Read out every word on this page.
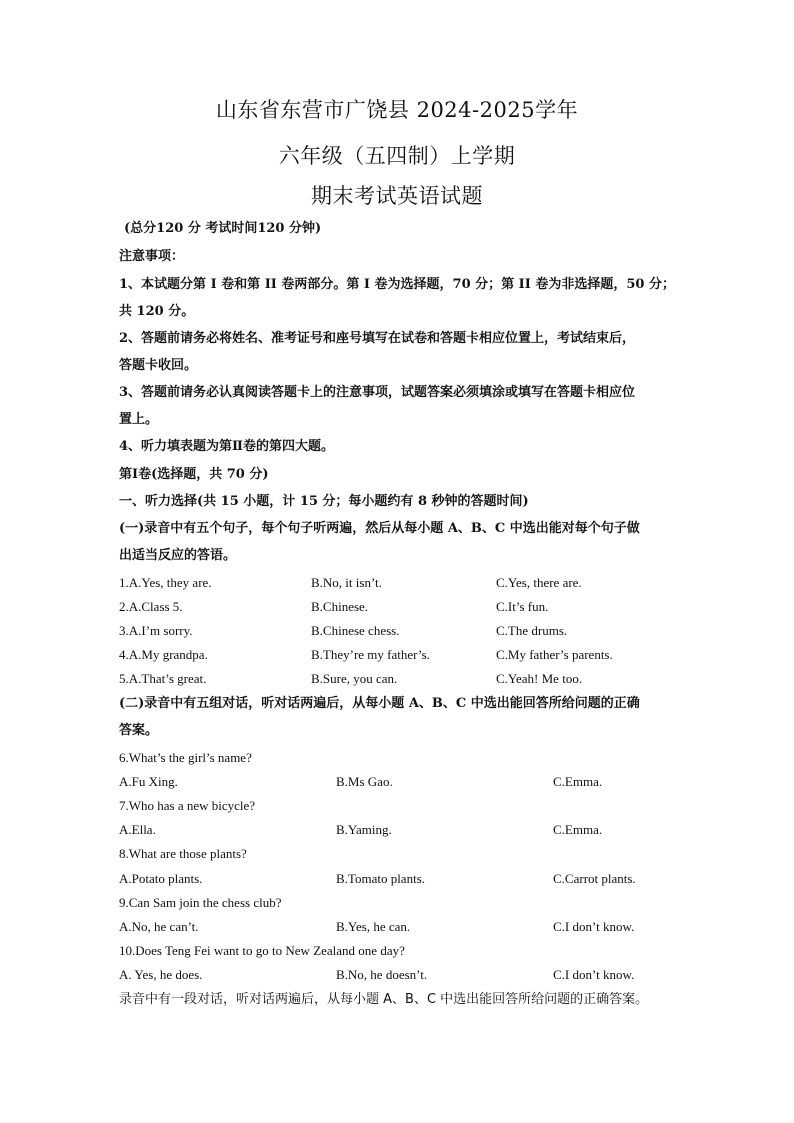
山东省东营市广饶县 2024-2025学年
六年级（五四制）上学期
期末考试英语试题
(总分120 分 考试时间120 分钟)
注意事项：
1、本试题分第 I 卷和第 II 卷两部分。第 I 卷为选择题，70 分；第 II 卷为非选择题，50 分；
共 120 分。
2、答题前请务必将姓名、准考证号和座号填写在试卷和答题卡相应位置上，考试结束后，
答题卡收回。
3、答题前请务必认真阅读答题卡上的注意事项，试题答案必须填涂或填写在答题卡相应位
置上。
4、听力填表题为第Ⅱ卷的第四大题。
第Ⅰ卷(选择题，共 70 分)
一、听力选择(共 15 小题，计 15 分；每小题约有 8 秒钟的答题时间)
(一)录音中有五个句子，每个句子听两遍，然后从每小题 A、B、C 中选出能对每个句子做
出适当反应的答语。
1.A.Yes, they are.	B.No, it isn’t.	C.Yes, there are.
2.A.Class 5.	B.Chinese.	C.It’s fun.
3.A.I’m sorry.	B.Chinese chess.	C.The drums.
4.A.My grandpa.	B.They’re my father’s.	C.My father’s parents.
5.A.That’s great.	B.Sure, you can.	C.Yeah! Me too.
(二)录音中有五组对话，听对话两遍后，从每小题 A、B、C 中选出能回答所给问题的正确
答案。
6.What’s the girl’s name?
A.Fu Xing.	B.Ms Gao.	C.Emma.
7.Who has a new bicycle?
A.Ella.	B.Yaming.	C.Emma.
8.What are those plants?
A.Potato plants.	B.Tomato plants.	C.Carrot plants.
9.Can Sam join the chess club?
A.No, he can’t.	B.Yes, he can.	C.I don’t know.
10.Does Teng Fei want to go to New Zealand one day?
A. Yes, he does.	B.No, he doesn’t.	C.I don’t know.
录音中有一段对话，听对话两遍后，从每小题 A、B、C 中选出能回答所给问题的正确答案。
